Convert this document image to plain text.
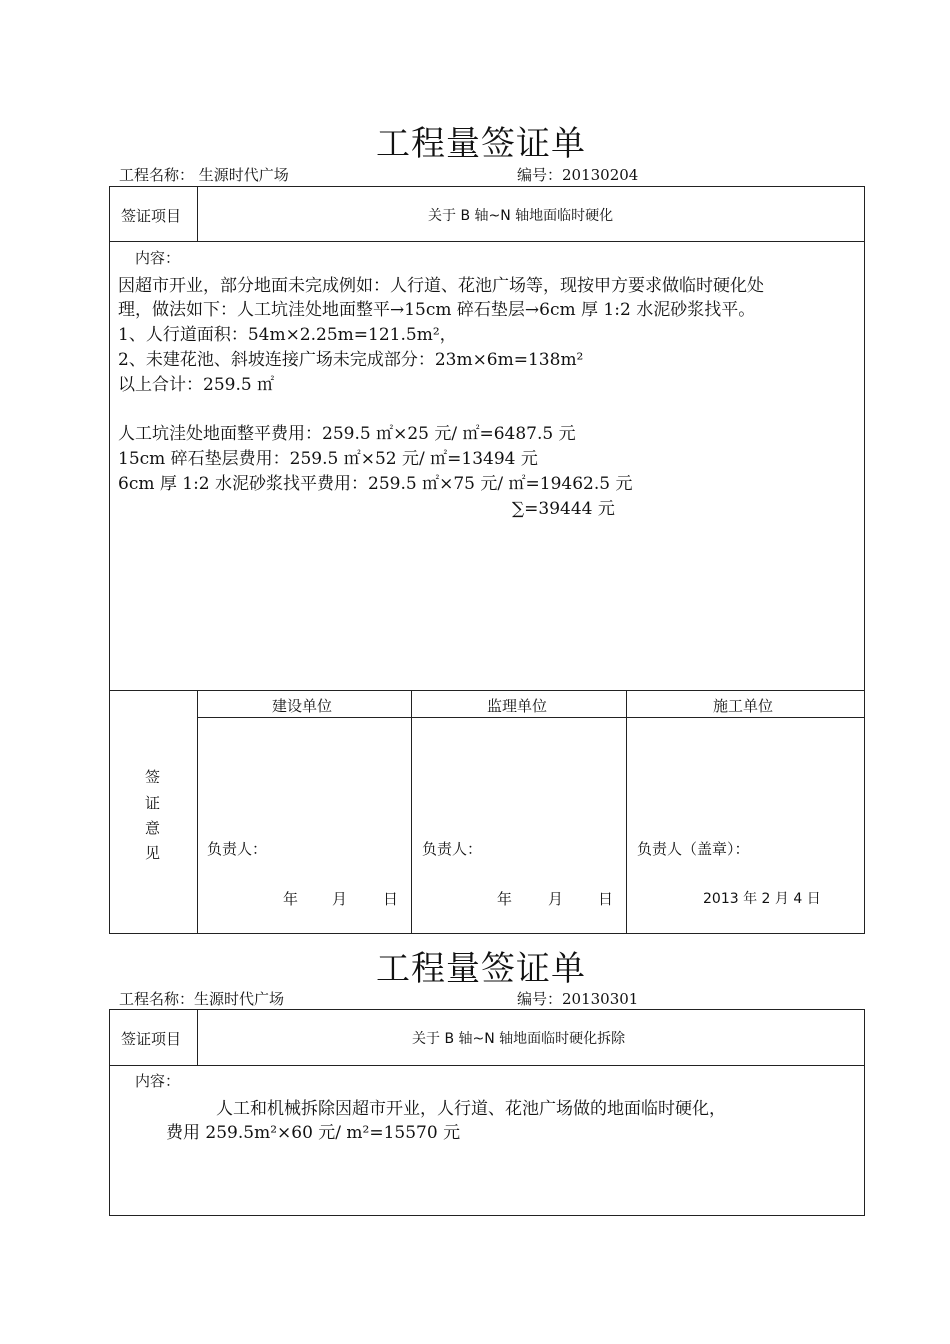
工程量签证单
工程名称： 生源时代广场	编号：20130204
签证项目	关于 B 轴~N 轴地面临时硬化
内容：
因超市开业，部分地面未完成例如：人行道、花池广场等，现按甲方要求做临时硬化处
理，做法如下：人工坑洼处地面整平→15cm 碎石垫层→6cm 厚 1:2 水泥砂浆找平。
1、人行道面积：54m×2.25m=121.5m²，
2、未建花池、斜坡连接广场未完成部分：23m×6m=138m²
以上合计：259.5 ㎡
人工坑洼处地面整平费用：259.5 ㎡×25 元/ ㎡=6487.5 元
15cm 碎石垫层费用：259.5 ㎡×52 元/ ㎡=13494 元
6cm 厚 1:2 水泥砂浆找平费用：259.5 ㎡×75 元/ ㎡=19462.5 元
∑=39444 元
签
证
意
见
建设单位	监理单位	施工单位
负责人：	负责人：	负责人（盖章）：
年 月 日	年 月 日	2013 年 2 月 4 日
工程量签证单
工程名称：生源时代广场	编号：20130301
签证项目	关于 B 轴~N 轴地面临时硬化拆除
内容：
人工和机械拆除因超市开业，人行道、花池广场做的地面临时硬化，
费用 259.5m²×60 元/ m²=15570 元
